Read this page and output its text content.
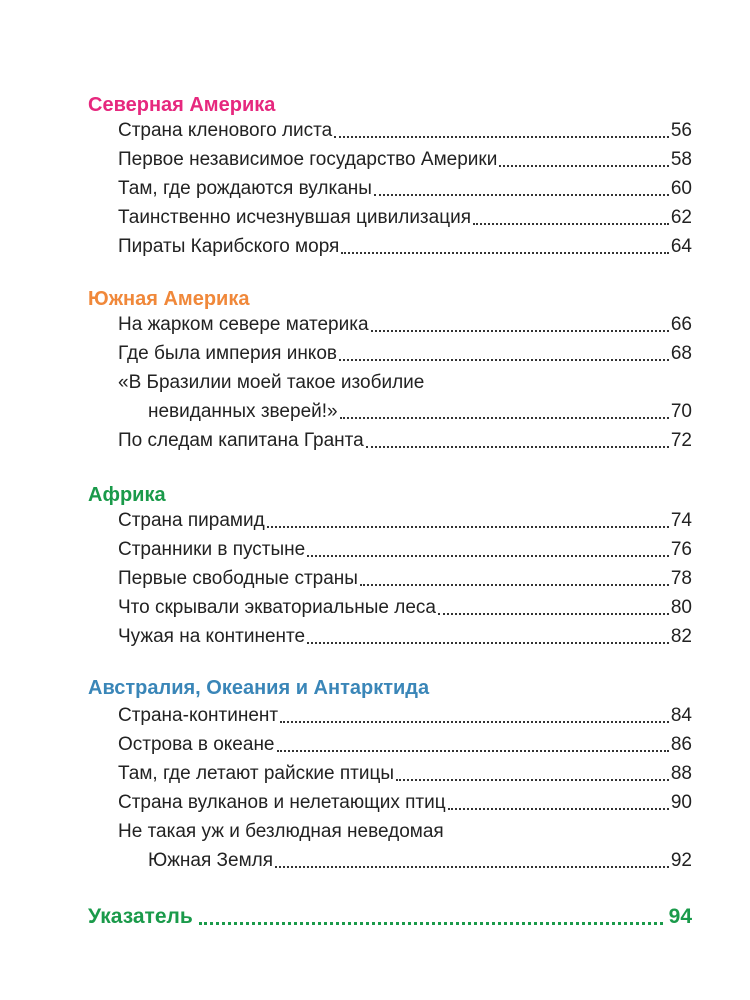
Северная Америка
Страна кленового листа	56
Первое независимое государство Америки	58
Там, где рождаются вулканы	60
Таинственно исчезнувшая цивилизация	62
Пираты Карибского моря	64
Южная Америка
На жарком севере материка	66
Где была империя инков	68
«В Бразилии моей такое изобилие
невиданных зверей!»	70
По следам капитана Гранта	72
Африка
Страна пирамид	74
Странники в пустыне	76
Первые свободные страны	78
Что скрывали экваториальные леса	80
Чужая на континенте	82
Австралия, Океания и Антарктида
Страна-континент	84
Острова в океане	86
Там, где летают райские птицы	88
Страна вулканов и нелетающих птиц	90
Не такая уж и безлюдная неведомая
Южная Земля	92
Указатель	94
